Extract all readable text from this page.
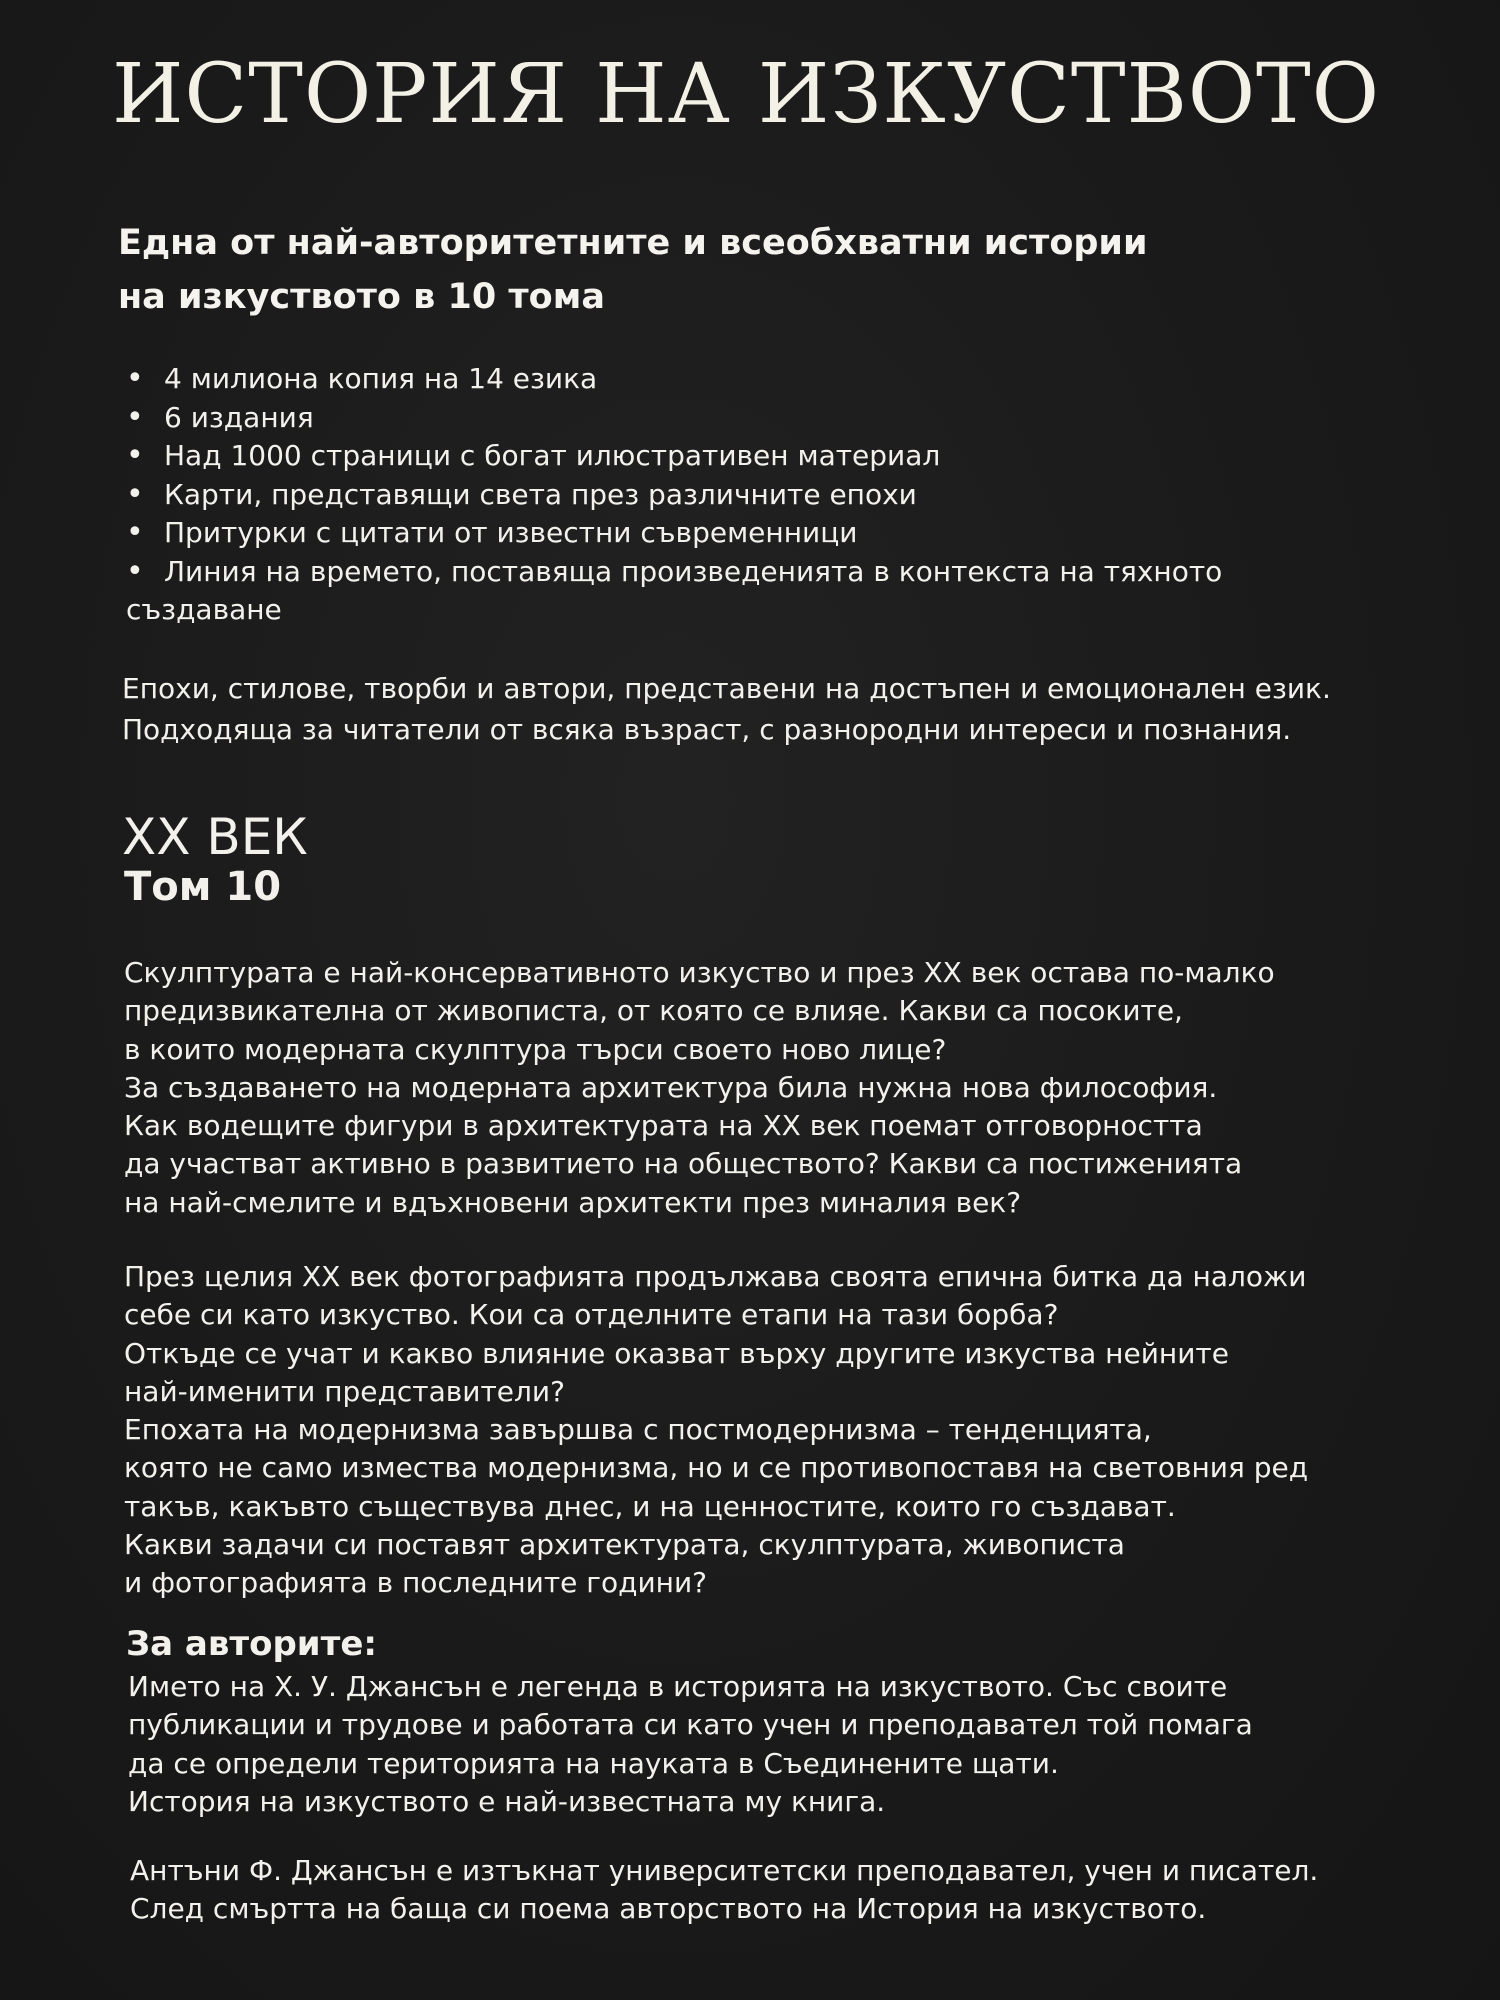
ИСТОРИЯ НА ИЗКУСТВОТО
Една от най-авторитетните и всеобхватни истории
на изкуството в 10 тома
• 4 милиона копия на 14 езика
• 6 издания
• Над 1000 страници с богат илюстративен материал
• Карти, представящи света през различните епохи
• Притурки с цитати от известни съвременници
• Линия на времето, поставяща произведенията в контекста на тяхното
създаване

Епохи, стилове, творби и автори, представени на достъпен и емоционален език.
Подходяща за читатели от всяка възраст, с разнородни интереси и познания.

XX ВЕК
Том 10

Скулптурата е най-консервативното изкуство и през XX век остава по-малко
предизвикателна от живописта, от която се влияе. Какви са посоките,
в които модерната скулптура търси своето ново лице?
За създаването на модерната архитектура била нужна нова философия.
Как водещите фигури в архитектурата на XX век поемат отговорността
да участват активно в развитието на обществото? Какви са постиженията
на най-смелите и вдъхновени архитекти през миналия век?

През целия XX век фотографията продължава своята епична битка да наложи
себе си като изкуство. Кои са отделните етапи на тази борба?
Откъде се учат и какво влияние оказват върху другите изкуства нейните
най-именити представители?
Епохата на модернизма завършва с постмодернизма – тенденцията,
която не само измества модернизма, но и се противопоставя на световния ред
такъв, какъвто съществува днес, и на ценностите, които го създават.
Какви задачи си поставят архитектурата, скулптурата, живописта
и фотографията в последните години?

За авторите:

Името на Х. У. Джансън е легенда в историята на изкуството. Със своите
публикации и трудове и работата си като учен и преподавател той помага
да се определи територията на науката в Съединените щати.
История на изкуството е най-известната му книга.

Антъни Ф. Джансън е изтъкнат университетски преподавател, учен и писател.
След смъртта на баща си поема авторството на История на изкуството.
